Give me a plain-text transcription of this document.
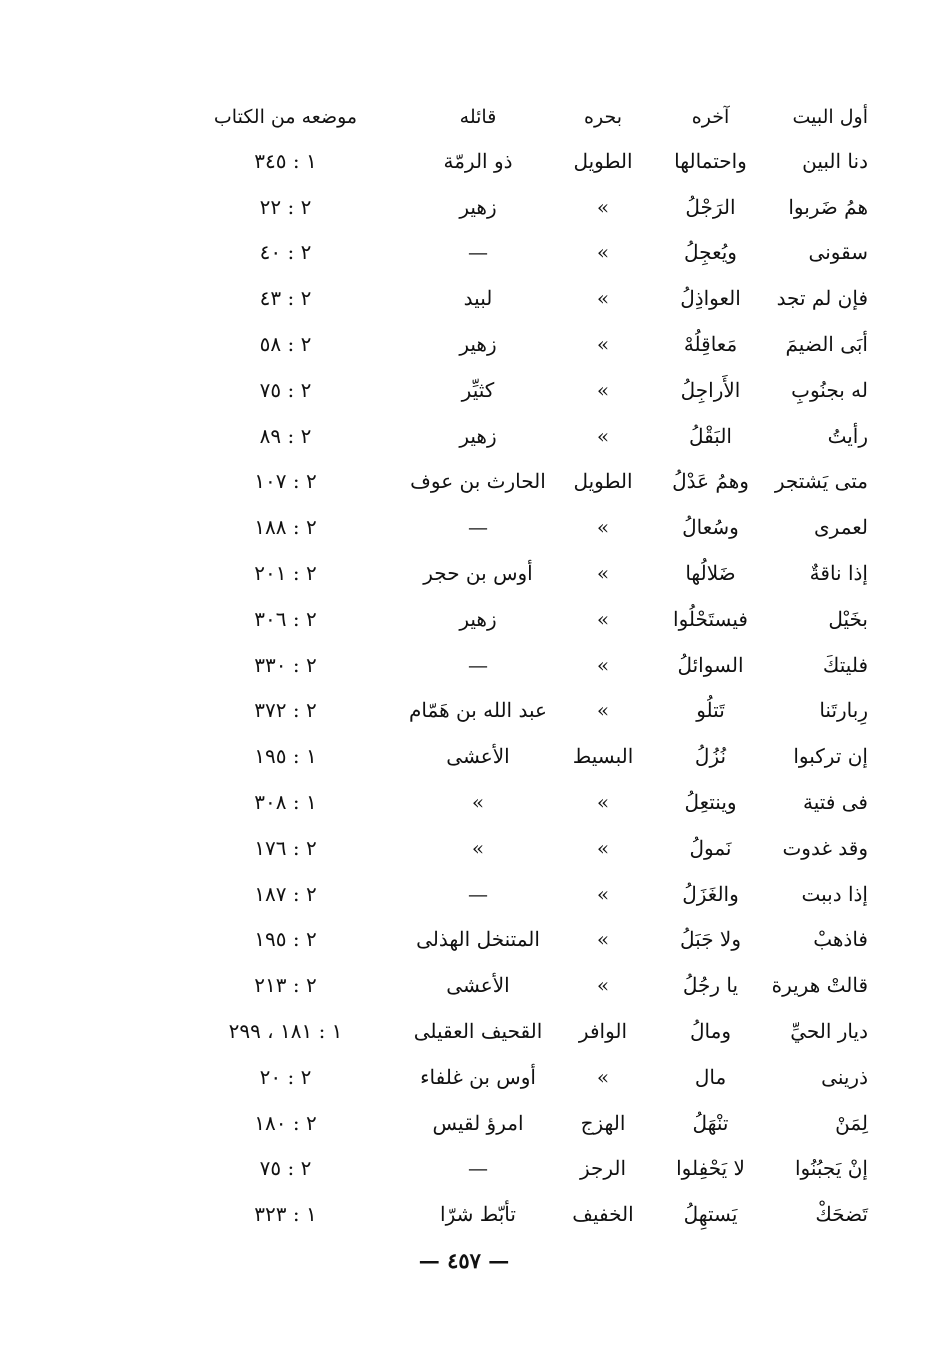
أول البيت	آخره	بحره	قائله	موضعه من الكتاب
دنا البين	واحتمالها	الطويل	ذو الرمّة	١ : ٣٤٥
همُ ضَربوا	الرَجْلُ	»	زهير	٢ : ٢٢
سقونى	ويُعجِلُ	»	—	٢ : ٤٠
فإن لم تجد	العواذِلُ	»	لبيد	٢ : ٤٣
أبَى الضيمَ	مَعاقِلُهْ	»	زهير	٢ : ٥٨
له بجنُوبِ	الأَراجِلُ	»	كثيِّر	٢ : ٧٥
رأيتُ	البَقْلُ	»	زهير	٢ : ٨٩
متى يَشتجر	وهمُ عَدْلُ	الطويل	الحارث بن عوف	٢ : ١٠٧
لعمرى	وسُعالُ	»	—	٢ : ١٨٨
إذا ناقةٌ	ضَلالُها	»	أوس بن حجر	٢ : ٢٠١
بخَيْل	فيستَحْلُوا	»	زهير	٢ : ٣٠٦
فليتكَ	السوائلُ	»	—	٢ : ٣٣٠
رِبارتَنا	تَتلُو	»	عبد الله بن هَمّام	٢ : ٣٧٢
إن تركبوا	نُزُلُ	البسيط	الأعشى	١ : ١٩٥
فى فتية	وينتعِلُ	»	»	١ : ٣٠٨
وقد غدوت	نَمولُ	»	»	٢ : ١٧٦
إذا دببت	والغَزَلُ	»	—	٢ : ١٨٧
فاذهبْ	ولا جَبَلُ	»	المتنخل الهذلى	٢ : ١٩٥
قالتْ هريرة	يا رجُلُ	»	الأعشى	٢ : ٢١٣
ديار الحيِّ	ومالُ	الوافر	القحيف العقيلى	١ : ١٨١ ، ٢٩٩
ذرينى	مال	»	أوس بن غلفاء	٢ : ٢٠
لِمَنْ	تنْهَلُ	الهزج	امرؤ لقيس	٢ : ١٨٠
إنْ يَجبُنُوا	لا يَحْفِلوا	الرجز	—	٢ : ٧٥
تَضحَكْ	يَستهِلُ	الخفيف	تأبّط شرّا	١ : ٣٢٣
— ٤٥٧ —
